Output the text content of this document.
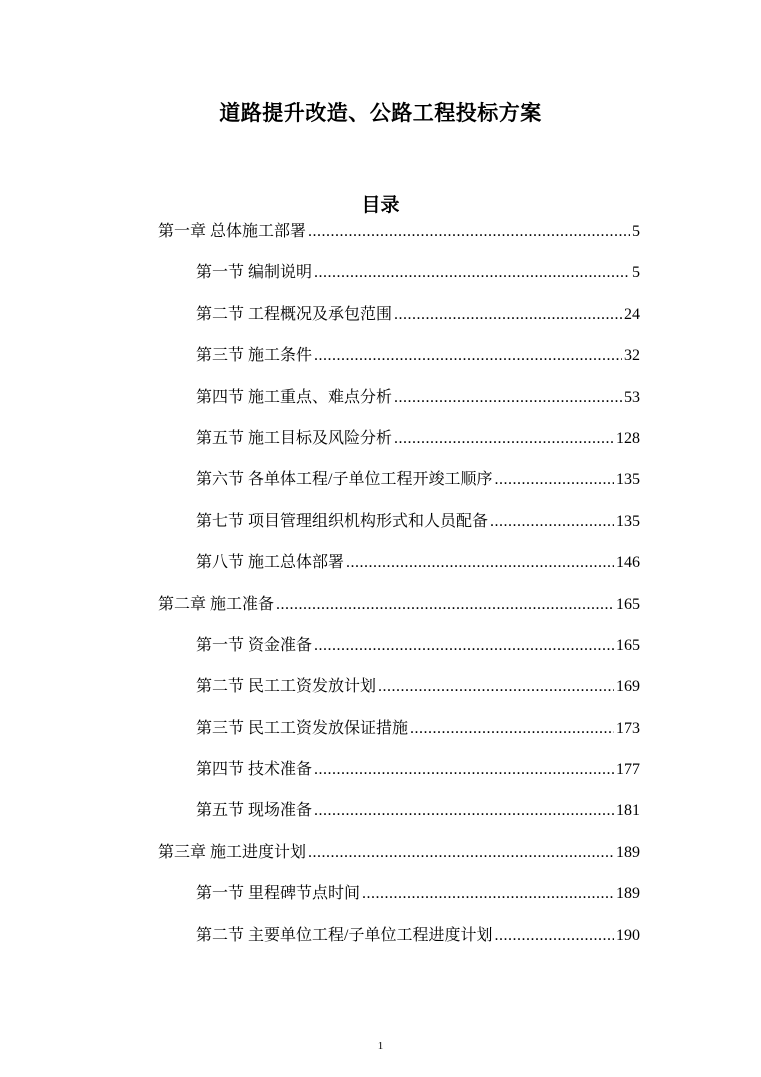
道路提升改造、公路工程投标方案
目录
第一章 总体施工部署 .....	5
第一节 编制说明 .....	5
第二节 工程概况及承包范围 .....	24
第三节 施工条件 .....	32
第四节 施工重点、难点分析 .....	53
第五节 施工目标及风险分析 .....	128
第六节 各单体工程/子单位工程开竣工顺序 .....	135
第七节 项目管理组织机构形式和人员配备 .....	135
第八节 施工总体部署 .....	146
第二章 施工准备 .....	165
第一节 资金准备 .....	165
第二节 民工工资发放计划 .....	169
第三节 民工工资发放保证措施 .....	173
第四节 技术准备 .....	177
第五节 现场准备 .....	181
第三章 施工进度计划 .....	189
第一节 里程碑节点时间 .....	189
第二节 主要单位工程/子单位工程进度计划 .....	190
1
